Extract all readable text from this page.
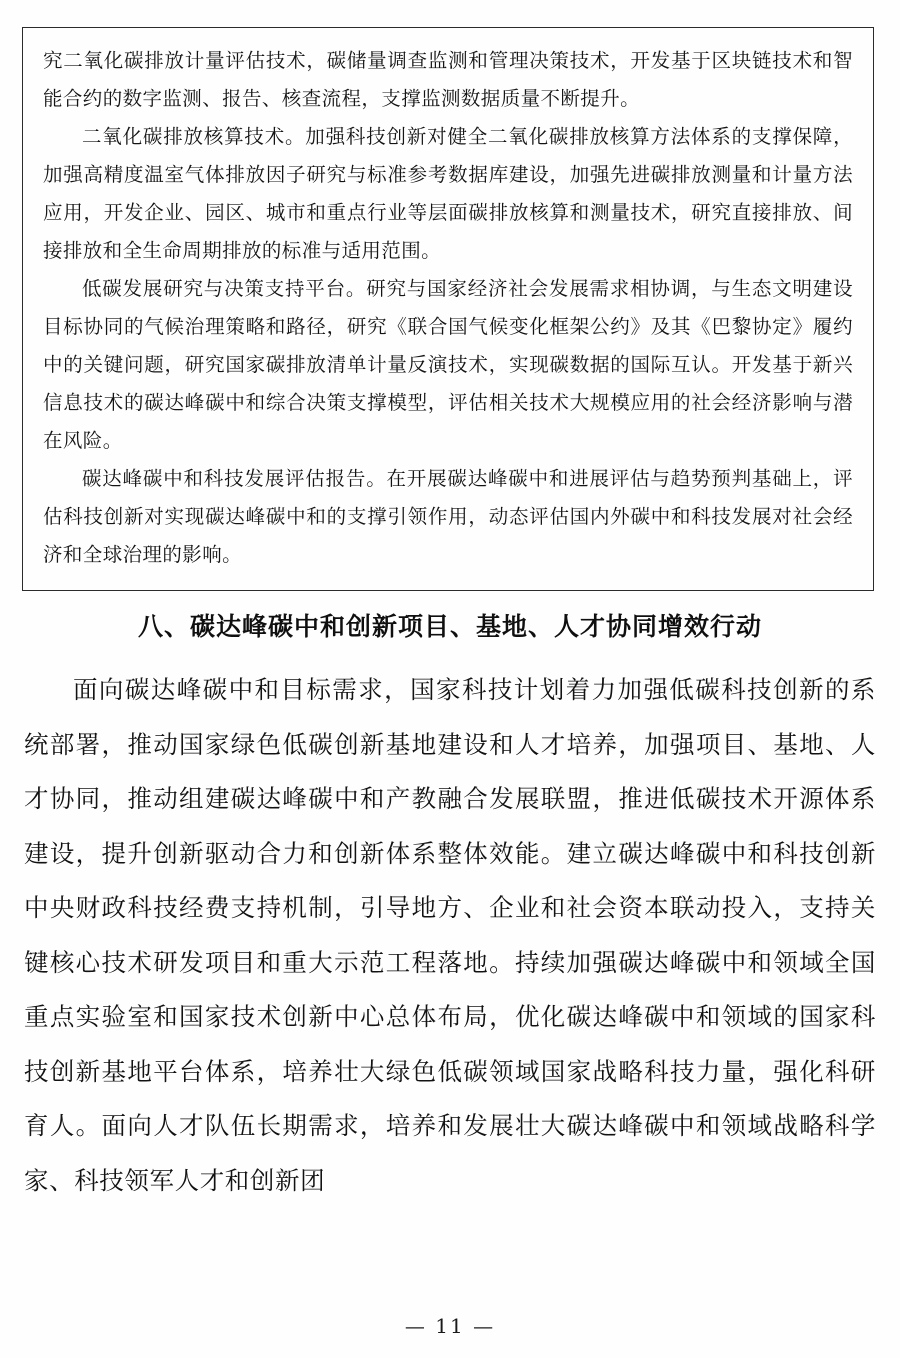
究二氧化碳排放计量评估技术，碳储量调查监测和管理决策技术，开发基于区块链技术和智能合约的数字监测、报告、核查流程，支撑监测数据质量不断提升。

二氧化碳排放核算技术。加强科技创新对健全二氧化碳排放核算方法体系的支撑保障，加强高精度温室气体排放因子研究与标准参考数据库建设，加强先进碳排放测量和计量方法应用，开发企业、园区、城市和重点行业等层面碳排放核算和测量技术，研究直接排放、间接排放和全生命周期排放的标准与适用范围。

低碳发展研究与决策支持平台。研究与国家经济社会发展需求相协调，与生态文明建设目标协同的气候治理策略和路径，研究《联合国气候变化框架公约》及其《巴黎协定》履约中的关键问题，研究国家碳排放清单计量反演技术，实现碳数据的国际互认。开发基于新兴信息技术的碳达峰碳中和综合决策支撑模型，评估相关技术大规模应用的社会经济影响与潜在风险。

碳达峰碳中和科技发展评估报告。在开展碳达峰碳中和进展评估与趋势预判基础上，评估科技创新对实现碳达峰碳中和的支撑引领作用，动态评估国内外碳中和科技发展对社会经济和全球治理的影响。

八、碳达峰碳中和创新项目、基地、人才协同增效行动

面向碳达峰碳中和目标需求，国家科技计划着力加强低碳科技创新的系统部署，推动国家绿色低碳创新基地建设和人才培养，加强项目、基地、人才协同，推动组建碳达峰碳中和产教融合发展联盟，推进低碳技术开源体系建设，提升创新驱动合力和创新体系整体效能。建立碳达峰碳中和科技创新中央财政科技经费支持机制，引导地方、企业和社会资本联动投入，支持关键核心技术研发项目和重大示范工程落地。持续加强碳达峰碳中和领域全国重点实验室和国家技术创新中心总体布局，优化碳达峰碳中和领域的国家科技创新基地平台体系，培养壮大绿色低碳领域国家战略科技力量，强化科研育人。面向人才队伍长期需求，培养和发展壮大碳达峰碳中和领域战略科学家、科技领军人才和创新团

— 11 —
